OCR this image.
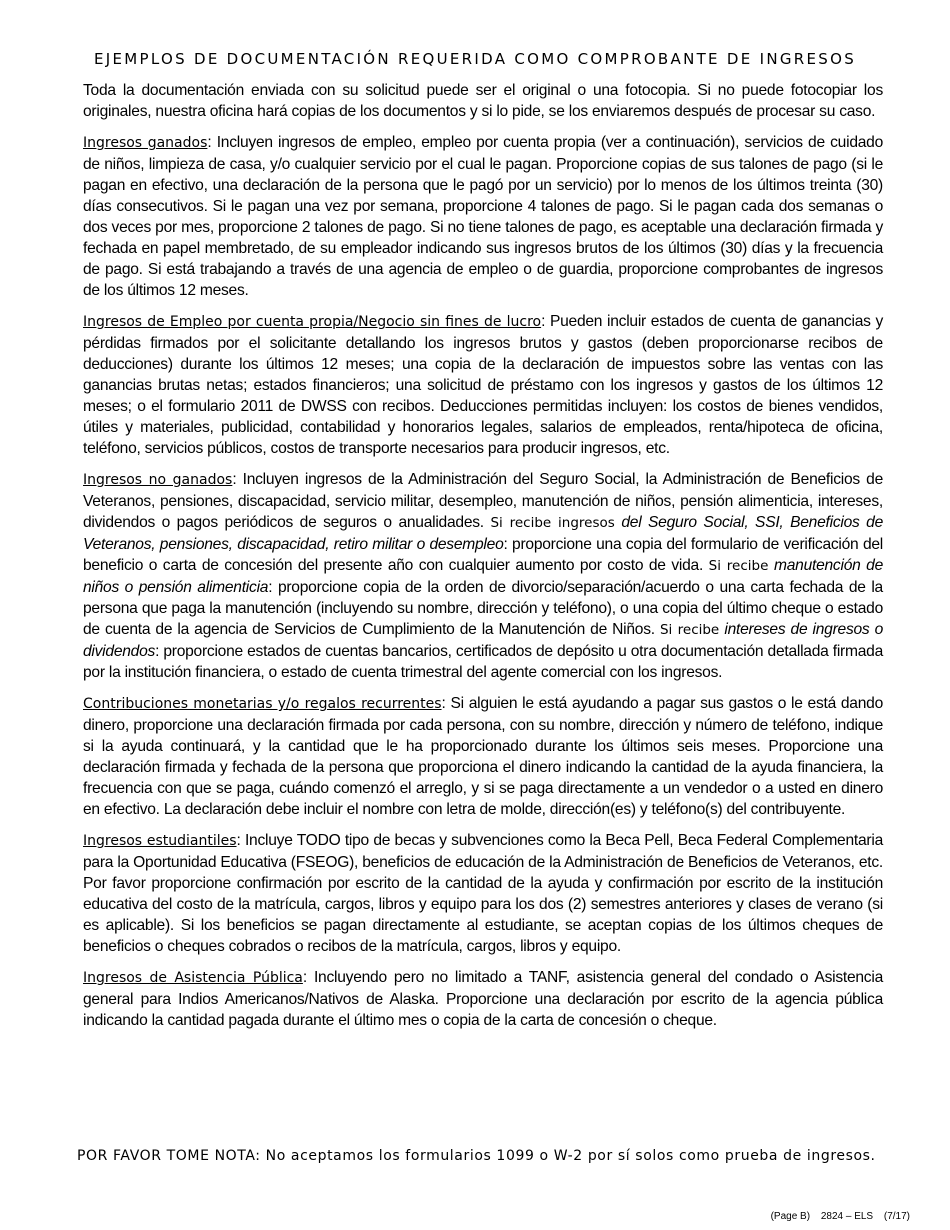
EJEMPLOS DE DOCUMENTACIÓN REQUERIDA COMO COMPROBANTE DE INGRESOS

Toda la documentación enviada con su solicitud puede ser el original o una fotocopia. Si no puede fotocopiar los originales, nuestra oficina hará copias de los documentos y si lo pide, se los enviaremos después de procesar su caso.

Ingresos ganados: Incluyen ingresos de empleo, empleo por cuenta propia (ver a continuación), servicios de cuidado de niños, limpieza de casa, y/o cualquier servicio por el cual le pagan. Proporcione copias de sus talones de pago (si le pagan en efectivo, una declaración de la persona que le pagó por un servicio) por lo menos de los últimos treinta (30) días consecutivos. Si le pagan una vez por semana, proporcione 4 talones de pago. Si le pagan cada dos semanas o dos veces por mes, proporcione 2 talones de pago. Si no tiene talones de pago, es aceptable una declaración firmada y fechada en papel membretado, de su empleador indicando sus ingresos brutos de los últimos (30) días y la frecuencia de pago. Si está trabajando a través de una agencia de empleo o de guardia, proporcione comprobantes de ingresos de los últimos 12 meses.

Ingresos de Empleo por cuenta propia/Negocio sin fines de lucro: Pueden incluir estados de cuenta de ganancias y pérdidas firmados por el solicitante detallando los ingresos brutos y gastos (deben proporcionarse recibos de deducciones) durante los últimos 12 meses; una copia de la declaración de impuestos sobre las ventas con las ganancias brutas netas; estados financieros; una solicitud de préstamo con los ingresos y gastos de los últimos 12 meses; o el formulario 2011 de DWSS con recibos. Deducciones permitidas incluyen: los costos de bienes vendidos, útiles y materiales, publicidad, contabilidad y honorarios legales, salarios de empleados, renta/hipoteca de oficina, teléfono, servicios públicos, costos de transporte necesarios para producir ingresos, etc.

Ingresos no ganados: Incluyen ingresos de la Administración del Seguro Social, la Administración de Beneficios de Veteranos, pensiones, discapacidad, servicio militar, desempleo, manutención de niños, pensión alimenticia, intereses, dividendos o pagos periódicos de seguros o anualidades. Si recibe ingresos del Seguro Social, SSI, Beneficios de Veteranos, pensiones, discapacidad, retiro militar o desempleo: proporcione una copia del formulario de verificación del beneficio o carta de concesión del presente año con cualquier aumento por costo de vida. Si recibe manutención de niños o pensión alimenticia: proporcione copia de la orden de divorcio/separación/acuerdo o una carta fechada de la persona que paga la manutención (incluyendo su nombre, dirección y teléfono), o una copia del último cheque o estado de cuenta de la agencia de Servicios de Cumplimiento de la Manutención de Niños. Si recibe intereses de ingresos o dividendos: proporcione estados de cuentas bancarios, certificados de depósito u otra documentación detallada firmada por la institución financiera, o estado de cuenta trimestral del agente comercial con los ingresos.

Contribuciones monetarias y/o regalos recurrentes: Si alguien le está ayudando a pagar sus gastos o le está dando dinero, proporcione una declaración firmada por cada persona, con su nombre, dirección y número de teléfono, indique si la ayuda continuará, y la cantidad que le ha proporcionado durante los últimos seis meses. Proporcione una declaración firmada y fechada de la persona que proporciona el dinero indicando la cantidad de la ayuda financiera, la frecuencia con que se paga, cuándo comenzó el arreglo, y si se paga directamente a un vendedor o a usted en dinero en efectivo. La declaración debe incluir el nombre con letra de molde, dirección(es) y teléfono(s) del contribuyente.

Ingresos estudiantiles: Incluye TODO tipo de becas y subvenciones como la Beca Pell, Beca Federal Complementaria para la Oportunidad Educativa (FSEOG), beneficios de educación de la Administración de Beneficios de Veteranos, etc. Por favor proporcione confirmación por escrito de la cantidad de la ayuda y confirmación por escrito de la institución educativa del costo de la matrícula, cargos, libros y equipo para los dos (2) semestres anteriores y clases de verano (si es aplicable). Si los beneficios se pagan directamente al estudiante, se aceptan copias de los últimos cheques de beneficios o cheques cobrados o recibos de la matrícula, cargos, libros y equipo.

Ingresos de Asistencia Pública: Incluyendo pero no limitado a TANF, asistencia general del condado o Asistencia general para Indios Americanos/Nativos de Alaska. Proporcione una declaración por escrito de la agencia pública indicando la cantidad pagada durante el último mes o copia de la carta de concesión o cheque.

POR FAVOR TOME NOTA: No aceptamos los formularios 1099 o W-2 por sí solos como prueba de ingresos.
(Page B) 2824 – ELS (7/17)
